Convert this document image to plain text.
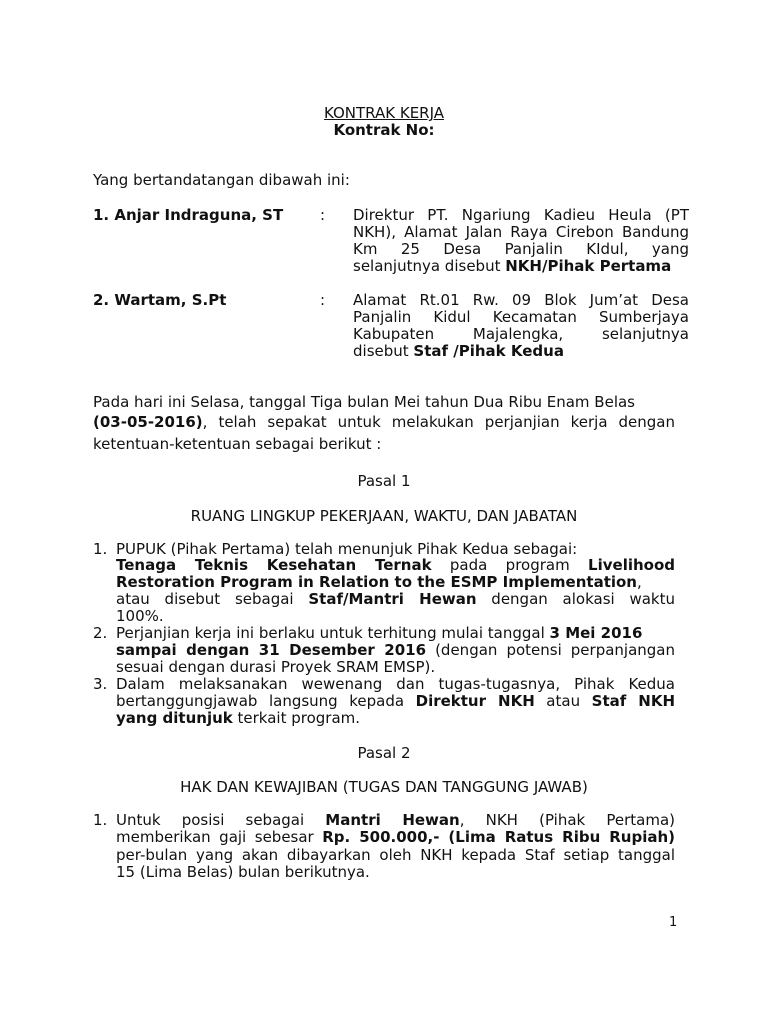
KONTRAK KERJA
Kontrak No:
Yang bertandatangan dibawah ini:
1. Anjar Indraguna, ST : Direktur PT. Ngariung Kadieu Heula (PT
NKH), Alamat Jalan Raya Cirebon Bandung
Km 25 Desa Panjalin KIdul, yang
selanjutnya disebut NKH/Pihak Pertama
2. Wartam, S.Pt	: Alamat Rt.01 Rw. 09 Blok Jum’at Desa
Panjalin Kidul Kecamatan Sumberjaya
Kabupaten Majalengka, selanjutnya
disebut Staf /Pihak Kedua
Pada hari ini Selasa, tanggal Tiga bulan Mei tahun Dua Ribu Enam Belas
(03-05-2016), telah sepakat untuk melakukan perjanjian kerja dengan
ketentuan-ketentuan sebagai berikut :
Pasal 1
RUANG LINGKUP PEKERJAAN, WAKTU, DAN JABATAN
1. PUPUK (Pihak Pertama) telah menunjuk Pihak Kedua sebagai:
Tenaga Teknis Kesehatan Ternak pada program Livelihood
Restoration Program in Relation to the ESMP Implementation,
atau disebut sebagai Staf/Mantri Hewan dengan alokasi waktu
100%.
2. Perjanjian kerja ini berlaku untuk terhitung mulai tanggal 3 Mei 2016
sampai dengan 31 Desember 2016 (dengan potensi perpanjangan
sesuai dengan durasi Proyek SRAM EMSP).
3. Dalam melaksanakan wewenang dan tugas-tugasnya, Pihak Kedua
bertanggungjawab langsung kepada Direktur NKH atau Staf NKH
yang ditunjuk terkait program.
Pasal 2
HAK DAN KEWAJIBAN (TUGAS DAN TANGGUNG JAWAB)
1. Untuk posisi sebagai Mantri Hewan, NKH (Pihak Pertama)
memberikan gaji sebesar Rp. 500.000,- (Lima Ratus Ribu Rupiah)
per-bulan yang akan dibayarkan oleh NKH kepada Staf setiap tanggal
15 (Lima Belas) bulan berikutnya.
1
